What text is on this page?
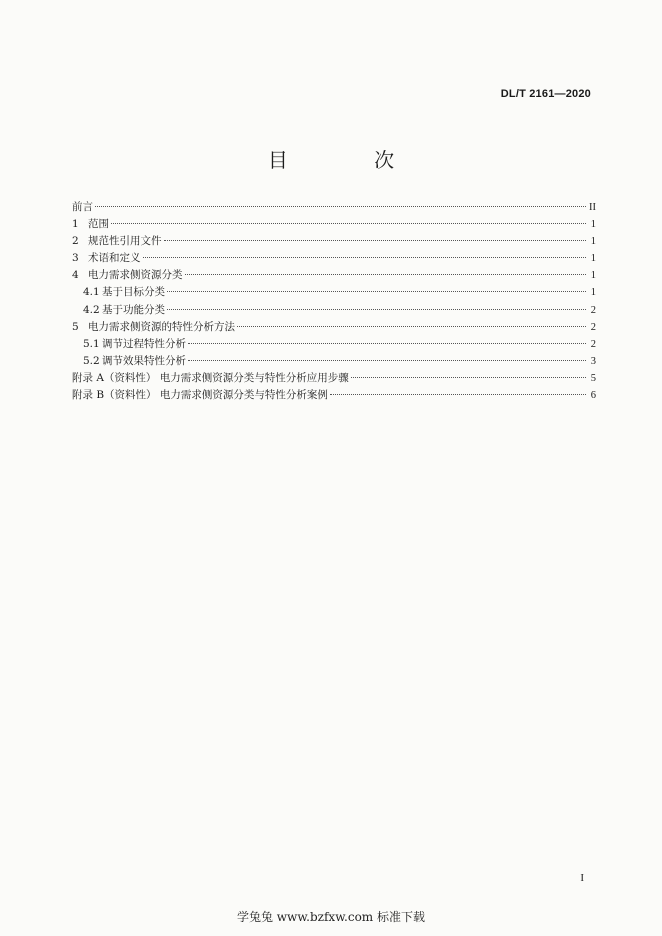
DL/T 2161—2020
目 次
前言	II
1 范围	1
2 规范性引用文件	1
3 术语和定义	1
4 电力需求侧资源分类	1
4.1 基于目标分类	1
4.2 基于功能分类	2
5 电力需求侧资源的特性分析方法	2
5.1 调节过程特性分析	2
5.2 调节效果特性分析	3
附录 A（资料性） 电力需求侧资源分类与特性分析应用步骤	5
附录 B（资料性） 电力需求侧资源分类与特性分析案例	6
I
学兔兔 www.bzfxw.com 标准下载
